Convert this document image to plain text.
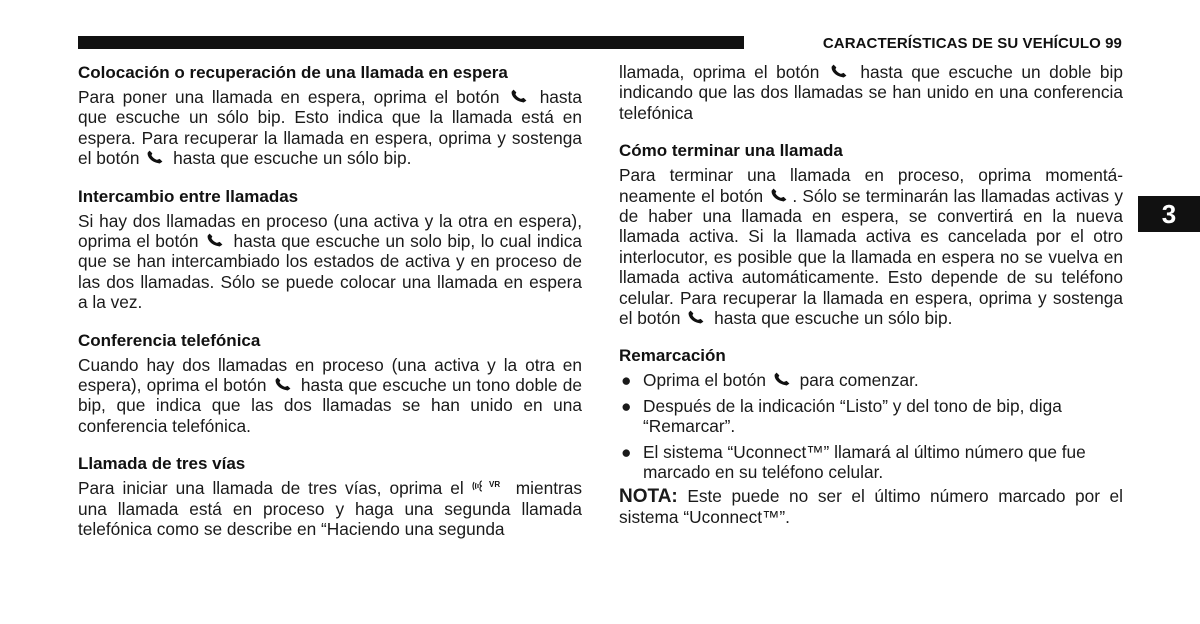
CARACTERÍSTICAS DE SU VEHÍCULO 99
3
Colocación o recuperación de una llamada en espera

Para poner una llamada en espera, oprima el botón hasta que escuche un sólo bip. Esto indica que la llamada está en espera. Para recuperar la llamada en espera, oprima y sostenga el botón hasta que escuche un sólo bip.

Intercambio entre llamadas

Si hay dos llamadas en proceso (una activa y la otra en espera), oprima el botón hasta que escuche un solo bip, lo cual indica que se han intercambiado los estados de activa y en proceso de las dos llamadas. Sólo se puede colocar una llamada en espera a la vez.

Conferencia telefónica

Cuando hay dos llamadas en proceso (una activa y la otra en espera), oprima el botón hasta que escuche un tono doble de bip, que indica que las dos llamadas se han unido en una conferencia telefónica.

Llamada de tres vías

Para iniciar una llamada de tres vías, oprima el	VR mientras una llamada está en proceso y haga una segunda llamada telefónica como se describe en “Haciendo una segunda

llamada, oprima el botón hasta que escuche un doble bip indicando que las dos llamadas se han unido en una conferencia telefónica

Cómo terminar una llamada

Para terminar una llamada en proceso, oprima momentá-neamente el botón . Sólo se terminarán las llamadas activas y de haber una llamada en espera, se convertirá en la nueva llamada activa. Si la llamada activa es cancelada por el otro interlocutor, es posible que la llamada en espera no se vuelva en llamada activa automáticamente. Esto depende de su teléfono celular. Para recuperar la llamada en espera, oprima y sostenga el botón hasta que escuche un sólo bip.

Remarcación
● Oprima el botón para comenzar.
● Después de la indicación “Listo” y del tono de bip, diga “Remarcar”.
● El sistema “Uconnect™” llamará al último número que fue marcado en su teléfono celular.

NOTA: Este puede no ser el último número marcado por el sistema “Uconnect™”.
